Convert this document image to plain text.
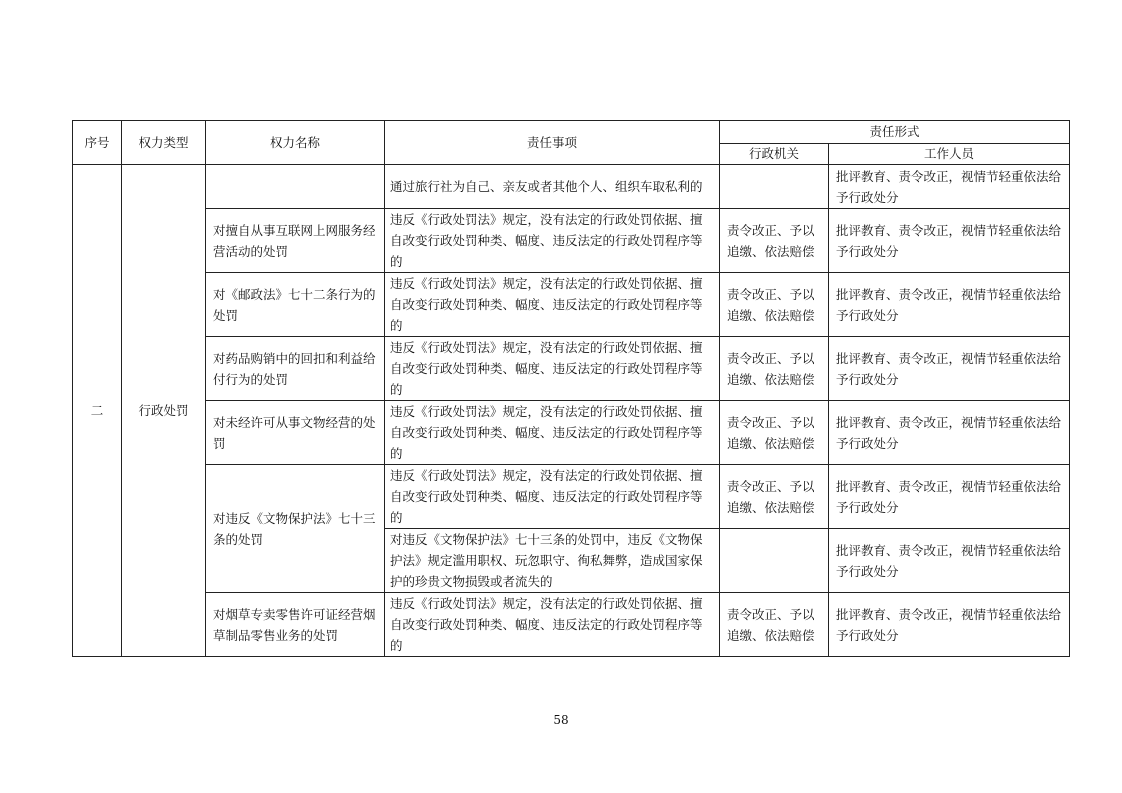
序号	权力类型	权力名称	责任事项	责任形式	
				行政机关	工作人员
二	行政处罚		通过旅行社为自己、亲友或者其他个人、组织车取私利的		批评教育、责令改正，视情节轻重依法给予行政处分
		对擅自从事互联网上网服务经营活动的处罚	违反《行政处罚法》规定，没有法定的行政处罚依据、擅自改变行政处罚种类、幅度、违反法定的行政处罚程序等的	责令改正、予以追缴、依法赔偿	批评教育、责令改正，视情节轻重依法给予行政处分
		对《邮政法》七十二条行为的处罚	违反《行政处罚法》规定，没有法定的行政处罚依据、擅自改变行政处罚种类、幅度、违反法定的行政处罚程序等的	责令改正、予以追缴、依法赔偿	批评教育、责令改正，视情节轻重依法给予行政处分
		对药品购销中的回扣和利益给付行为的处罚	违反《行政处罚法》规定，没有法定的行政处罚依据、擅自改变行政处罚种类、幅度、违反法定的行政处罚程序等的	责令改正、予以追缴、依法赔偿	批评教育、责令改正，视情节轻重依法给予行政处分
		对未经许可从事文物经营的处罚	违反《行政处罚法》规定，没有法定的行政处罚依据、擅自改变行政处罚种类、幅度、违反法定的行政处罚程序等的	责令改正、予以追缴、依法赔偿	批评教育、责令改正，视情节轻重依法给予行政处分
		对违反《文物保护法》七十三条的处罚	违反《行政处罚法》规定，没有法定的行政处罚依据、擅自改变行政处罚种类、幅度、违反法定的行政处罚程序等的	责令改正、予以追缴、依法赔偿	批评教育、责令改正，视情节轻重依法给予行政处分
			对违反《文物保护法》七十三条的处罚中，违反《文物保护法》规定滥用职权、玩忽职守、徇私舞弊，造成国家保护的珍贵文物损毁或者流失的		批评教育、责令改正，视情节轻重依法给予行政处分
		对烟草专卖零售许可证经营烟草制品零售业务的处罚	违反《行政处罚法》规定，没有法定的行政处罚依据、擅自改变行政处罚种类、幅度、违反法定的行政处罚程序等的	责令改正、予以追缴、依法赔偿	批评教育、责令改正，视情节轻重依法给予行政处分
58
